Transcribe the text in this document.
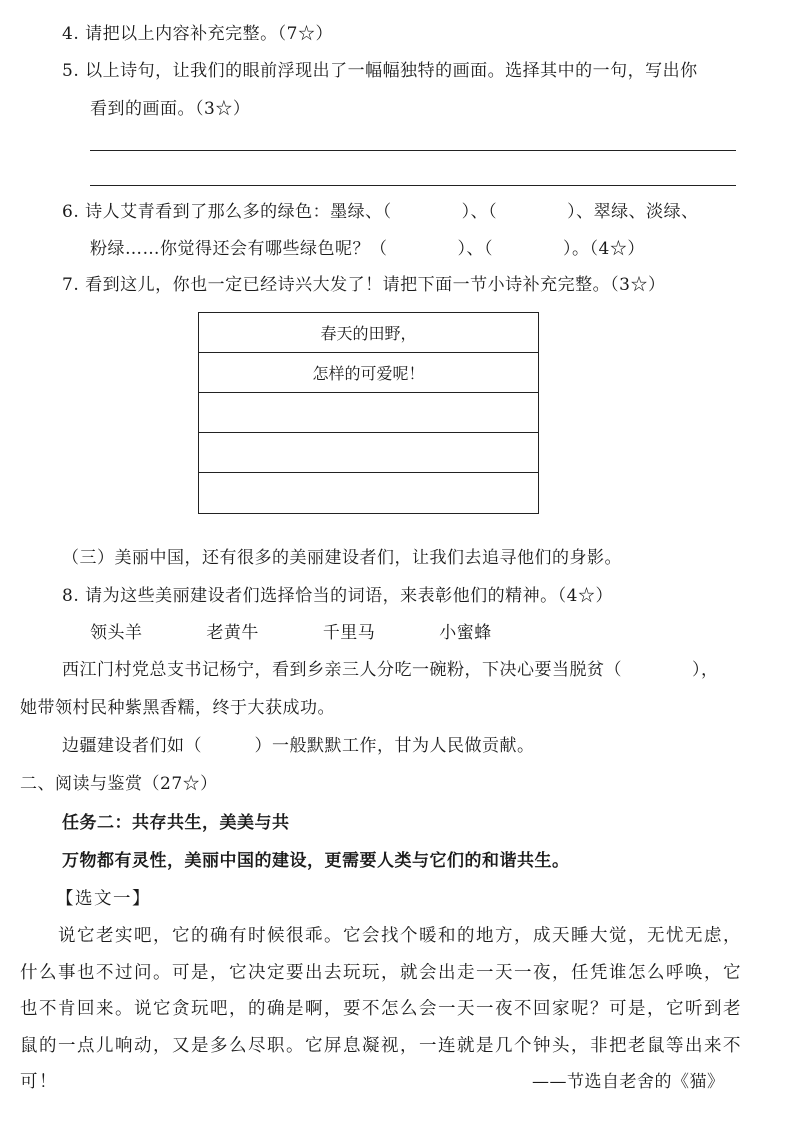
4. 请把以上内容补充完整。（7☆）
5. 以上诗句，让我们的眼前浮现出了一幅幅独特的画面。选择其中的一句，写出你
看到的画面。（3☆）
6. 诗人艾青看到了那么多的绿色：墨绿、（　　　　）、（　　　　）、翠绿、淡绿、
粉绿……你觉得还会有哪些绿色呢？（　　　　）、（　　　　）。（4☆）
7. 看到这儿，你也一定已经诗兴大发了！请把下面一节小诗补充完整。（3☆）
春天的田野，
怎样的可爱呢！
（三）美丽中国，还有很多的美丽建设者们，让我们去追寻他们的身影。
8. 请为这些美丽建设者们选择恰当的词语，来表彰他们的精神。（4☆）
领头羊	老黄牛	千里马	小蜜蜂
西江门村党总支书记杨宁，看到乡亲三人分吃一碗粉，下决心要当脱贫（　　　　），
她带领村民种紫黑香糯，终于大获成功。
边疆建设者们如（　　　）一般默默工作，甘为人民做贡献。
二、阅读与鉴赏（27☆）
任务二：共存共生，美美与共
万物都有灵性，美丽中国的建设，更需要人类与它们的和谐共生。
【选文一】
说它老实吧，它的确有时候很乖。它会找个暖和的地方，成天睡大觉，无忧无虑，
什么事也不过问。可是，它决定要出去玩玩，就会出走一天一夜，任凭谁怎么呼唤，它
也不肯回来。说它贪玩吧，的确是啊，要不怎么会一天一夜不回家呢？可是，它听到老
鼠的一点儿响动，又是多么尽职。它屏息凝视，一连就是几个钟头，非把老鼠等出来不
可！	——节选自老舍的《猫》
